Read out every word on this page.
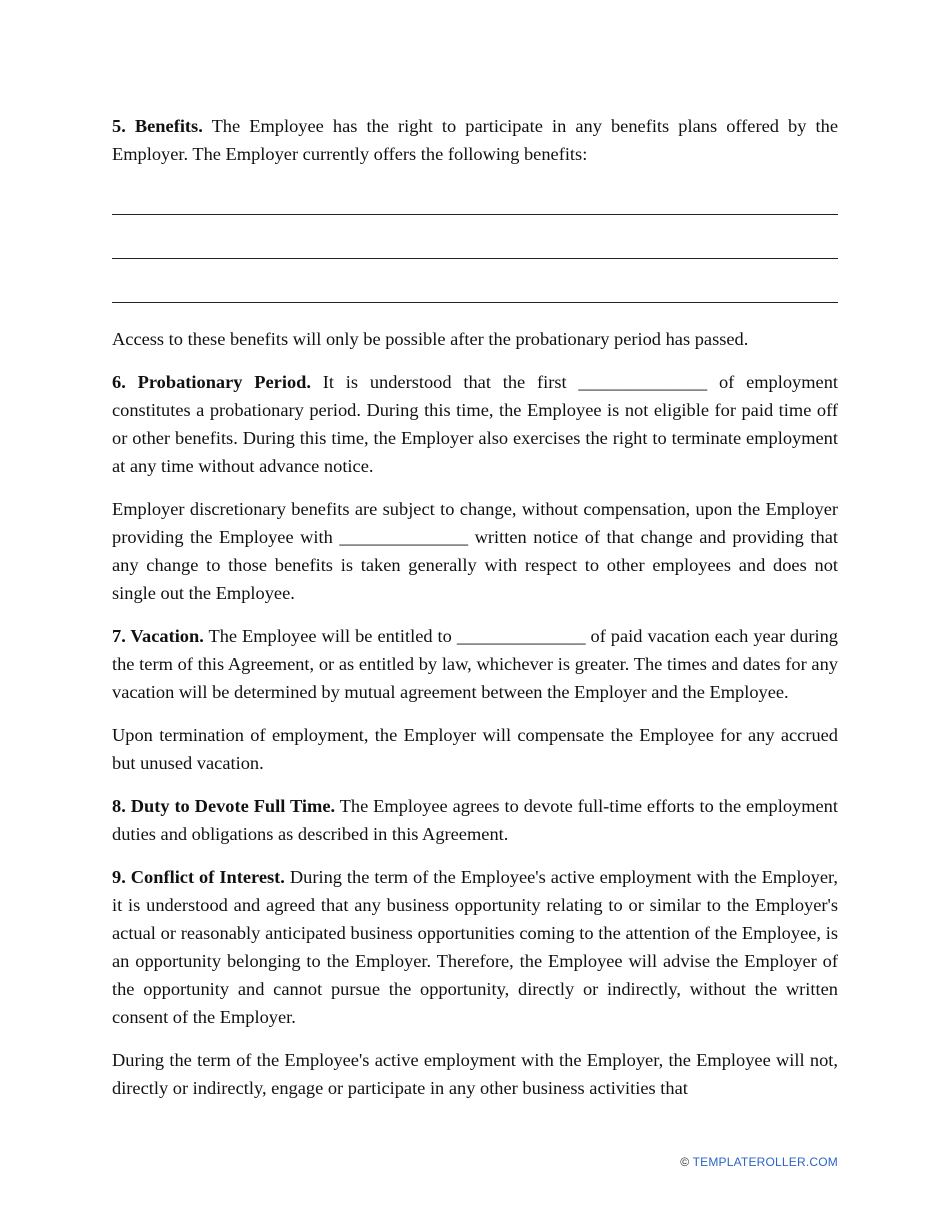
5. Benefits. The Employee has the right to participate in any benefits plans offered by the Employer. The Employer currently offers the following benefits:

Access to these benefits will only be possible after the probationary period has passed.

6. Probationary Period. It is understood that the first ______________ of employment constitutes a probationary period. During this time, the Employee is not eligible for paid time off or other benefits. During this time, the Employer also exercises the right to terminate employment at any time without advance notice.

Employer discretionary benefits are subject to change, without compensation, upon the Employer providing the Employee with ______________ written notice of that change and providing that any change to those benefits is taken generally with respect to other employees and does not single out the Employee.

7. Vacation. The Employee will be entitled to ______________ of paid vacation each year during the term of this Agreement, or as entitled by law, whichever is greater. The times and dates for any vacation will be determined by mutual agreement between the Employer and the Employee.

Upon termination of employment, the Employer will compensate the Employee for any accrued but unused vacation.

8. Duty to Devote Full Time. The Employee agrees to devote full-time efforts to the employment duties and obligations as described in this Agreement.

9. Conflict of Interest. During the term of the Employee's active employment with the Employer, it is understood and agreed that any business opportunity relating to or similar to the Employer's actual or reasonably anticipated business opportunities coming to the attention of the Employee, is an opportunity belonging to the Employer. Therefore, the Employee will advise the Employer of the opportunity and cannot pursue the opportunity, directly or indirectly, without the written consent of the Employer.

During the term of the Employee's active employment with the Employer, the Employee will not, directly or indirectly, engage or participate in any other business activities that

© TEMPLATEROLLER.COM
